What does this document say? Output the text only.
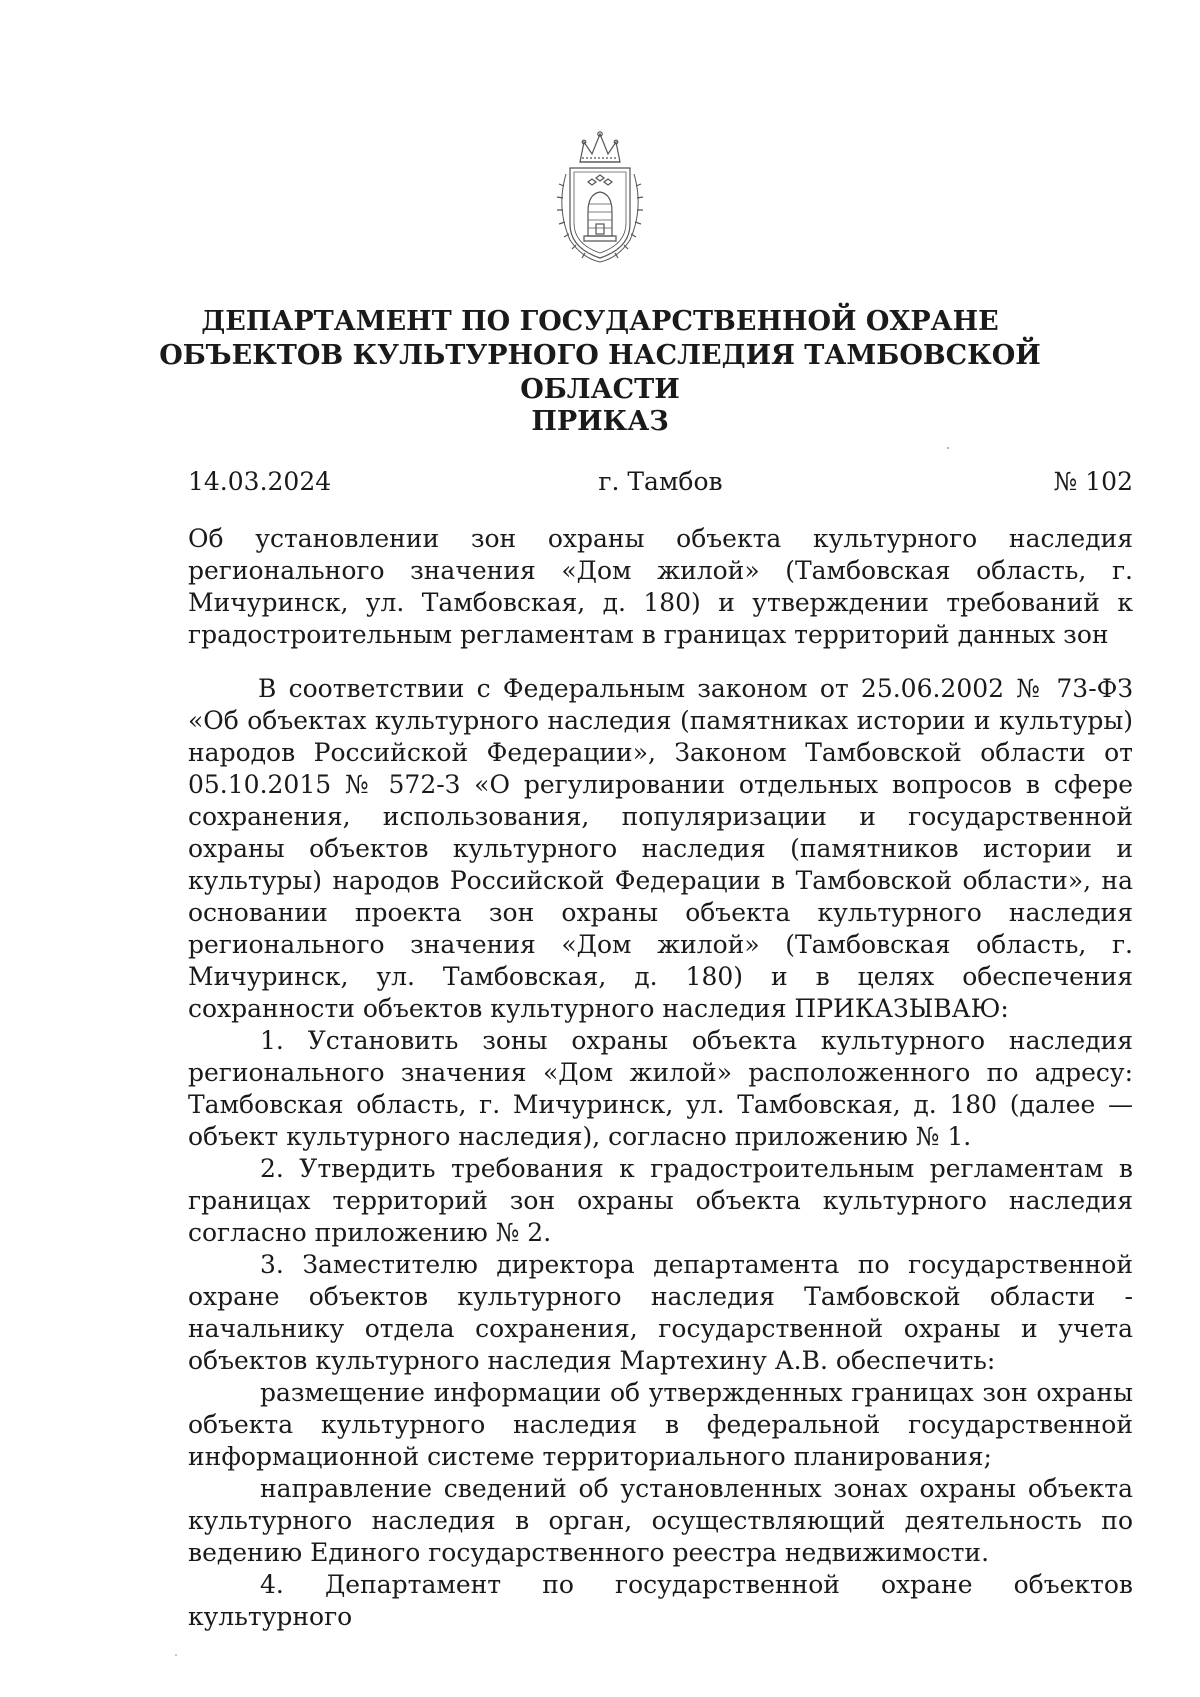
ДЕПАРТАМЕНТ ПО ГОСУДАРСТВЕННОЙ ОХРАНЕ ОБЪЕКТОВ КУЛЬТУРНОГО НАСЛЕДИЯ ТАМБОВСКОЙ ОБЛАСТИ
ПРИКАЗ
14.03.2024	г. Тамбов	№ 102
Об установлении зон охраны объекта культурного наследия регионального значения «Дом жилой» (Тамбовская область, г. Мичуринск, ул. Тамбовская, д. 180) и утверждении требований к градостроительным регламентам в границах территорий данных зон

В соответствии с Федеральным законом от 25.06.2002 № 73-ФЗ «Об объектах культурного наследия (памятниках истории и культуры) народов Российской Федерации», Законом Тамбовской области от 05.10.2015 № 572-З «О регулировании отдельных вопросов в сфере сохранения, использования, популяризации и государственной охраны объектов культурного наследия (памятников истории и культуры) народов Российской Федерации в Тамбовской области», на основании проекта зон охраны объекта культурного наследия регионального значения «Дом жилой» (Тамбовская область, г. Мичуринск, ул. Тамбовская, д. 180) и в целях обеспечения сохранности объектов культурного наследия ПРИКАЗЫВАЮ:

1. Установить зоны охраны объекта культурного наследия регионального значения «Дом жилой» расположенного по адресу: Тамбовская область, г. Мичуринск, ул. Тамбовская, д. 180 (далее — объект культурного наследия), согласно приложению № 1.

2. Утвердить требования к градостроительным регламентам в границах территорий зон охраны объекта культурного наследия согласно приложению № 2.

3. Заместителю директора департамента по государственной охране объектов культурного наследия Тамбовской области - начальнику отдела сохранения, государственной охраны и учета объектов культурного наследия Мартехину А.В. обеспечить:

размещение информации об утвержденных границах зон охраны объекта культурного наследия в федеральной государственной информационной системе территориального планирования;

направление сведений об установленных зонах охраны объекта культурного наследия в орган, осуществляющий деятельность по ведению Единого государственного реестра недвижимости.

4. Департамент по государственной охране объектов культурного
